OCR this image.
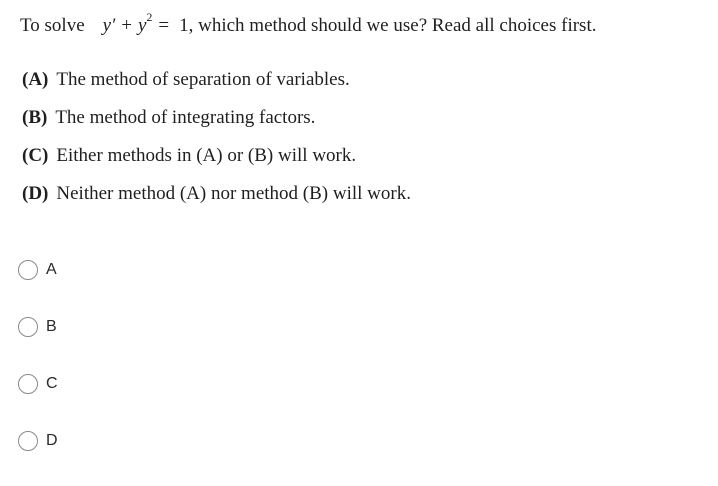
To solve $y' + y^2 = 1$, which method should we use? Read all choices first.
(A) The method of separation of variables.
(B) The method of integrating factors.
(C) Either methods in (A) or (B) will work.
(D) Neither method (A) nor method (B) will work.
A
B
C
D
